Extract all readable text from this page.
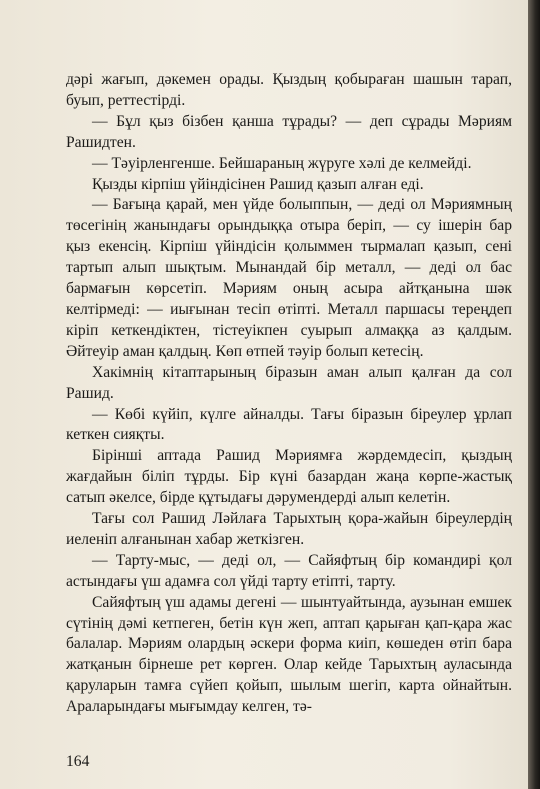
дәрі жағып, дәкемен орады. Қыздың қобыраған шашын тарап, буып, реттестірді.

— Бұл қыз бізбен қанша тұрады? — деп сұрады Мәриям Рашидтен.

— Тәуірленгенше. Бейшараның жүруге хәлі де келмейді.

Қызды кірпіш үйіндісінен Рашид қазып алған еді.

— Бағыңа қарай, мен үйде болыппын, — деді ол Мәриямның төсегінің жанындағы орындыққа отыра беріп, — су ішерін бар қыз екенсің. Кірпіш үйіндісін қолыммен тырмалап қазып, сені тартып алып шықтым. Мынандай бір металл, — деді ол бас бармағын көрсетіп. Мәриям оның асыра айтқанына шәк келтірмеді: — иығынан тесіп өтіпті. Металл паршасы тереңдеп кіріп кеткендіктен, тістеуікпен суырып алмаққа аз қалдым. Әйтеуір аман қалдың. Көп өтпей тәуір болып кетесің.

Хакімнің кітаптарының біразын аман алып қалған да сол Рашид.

— Көбі күйіп, күлге айналды. Тағы біразын біреулер ұрлап кеткен сияқты.

Бірінші аптада Рашид Мәриямға жәрдемдесіп, қыздың жағдайын біліп тұрды. Бір күні базардан жаңа көрпе-жастық сатып әкелсе, бірде құтыдағы дәрумендерді алып келетін.

Тағы сол Рашид Ләйлаға Тарыхтың қора-жайын біреулердің иеленіп алғанынан хабар жеткізген.

— Тарту-мыс, — деді ол, — Сайяфтың бір командирі қол астындағы үш адамға сол үйді тарту етіпті, тарту.

Сайяфтың үш адамы дегені — шынтуайтында, аузынан емшек сүтінің дәмі кетпеген, бетін күн жеп, аптап қарыған қап-қара жас балалар. Мәриям олардың әскери форма киіп, көшеден өтіп бара жатқанын бірнеше рет көрген. Олар кейде Тарыхтың ауласында қаруларын тамға сүйеп қойып, шылым шегіп, карта ойнайтын. Араларындағы мығымдау келген, тә-

164
